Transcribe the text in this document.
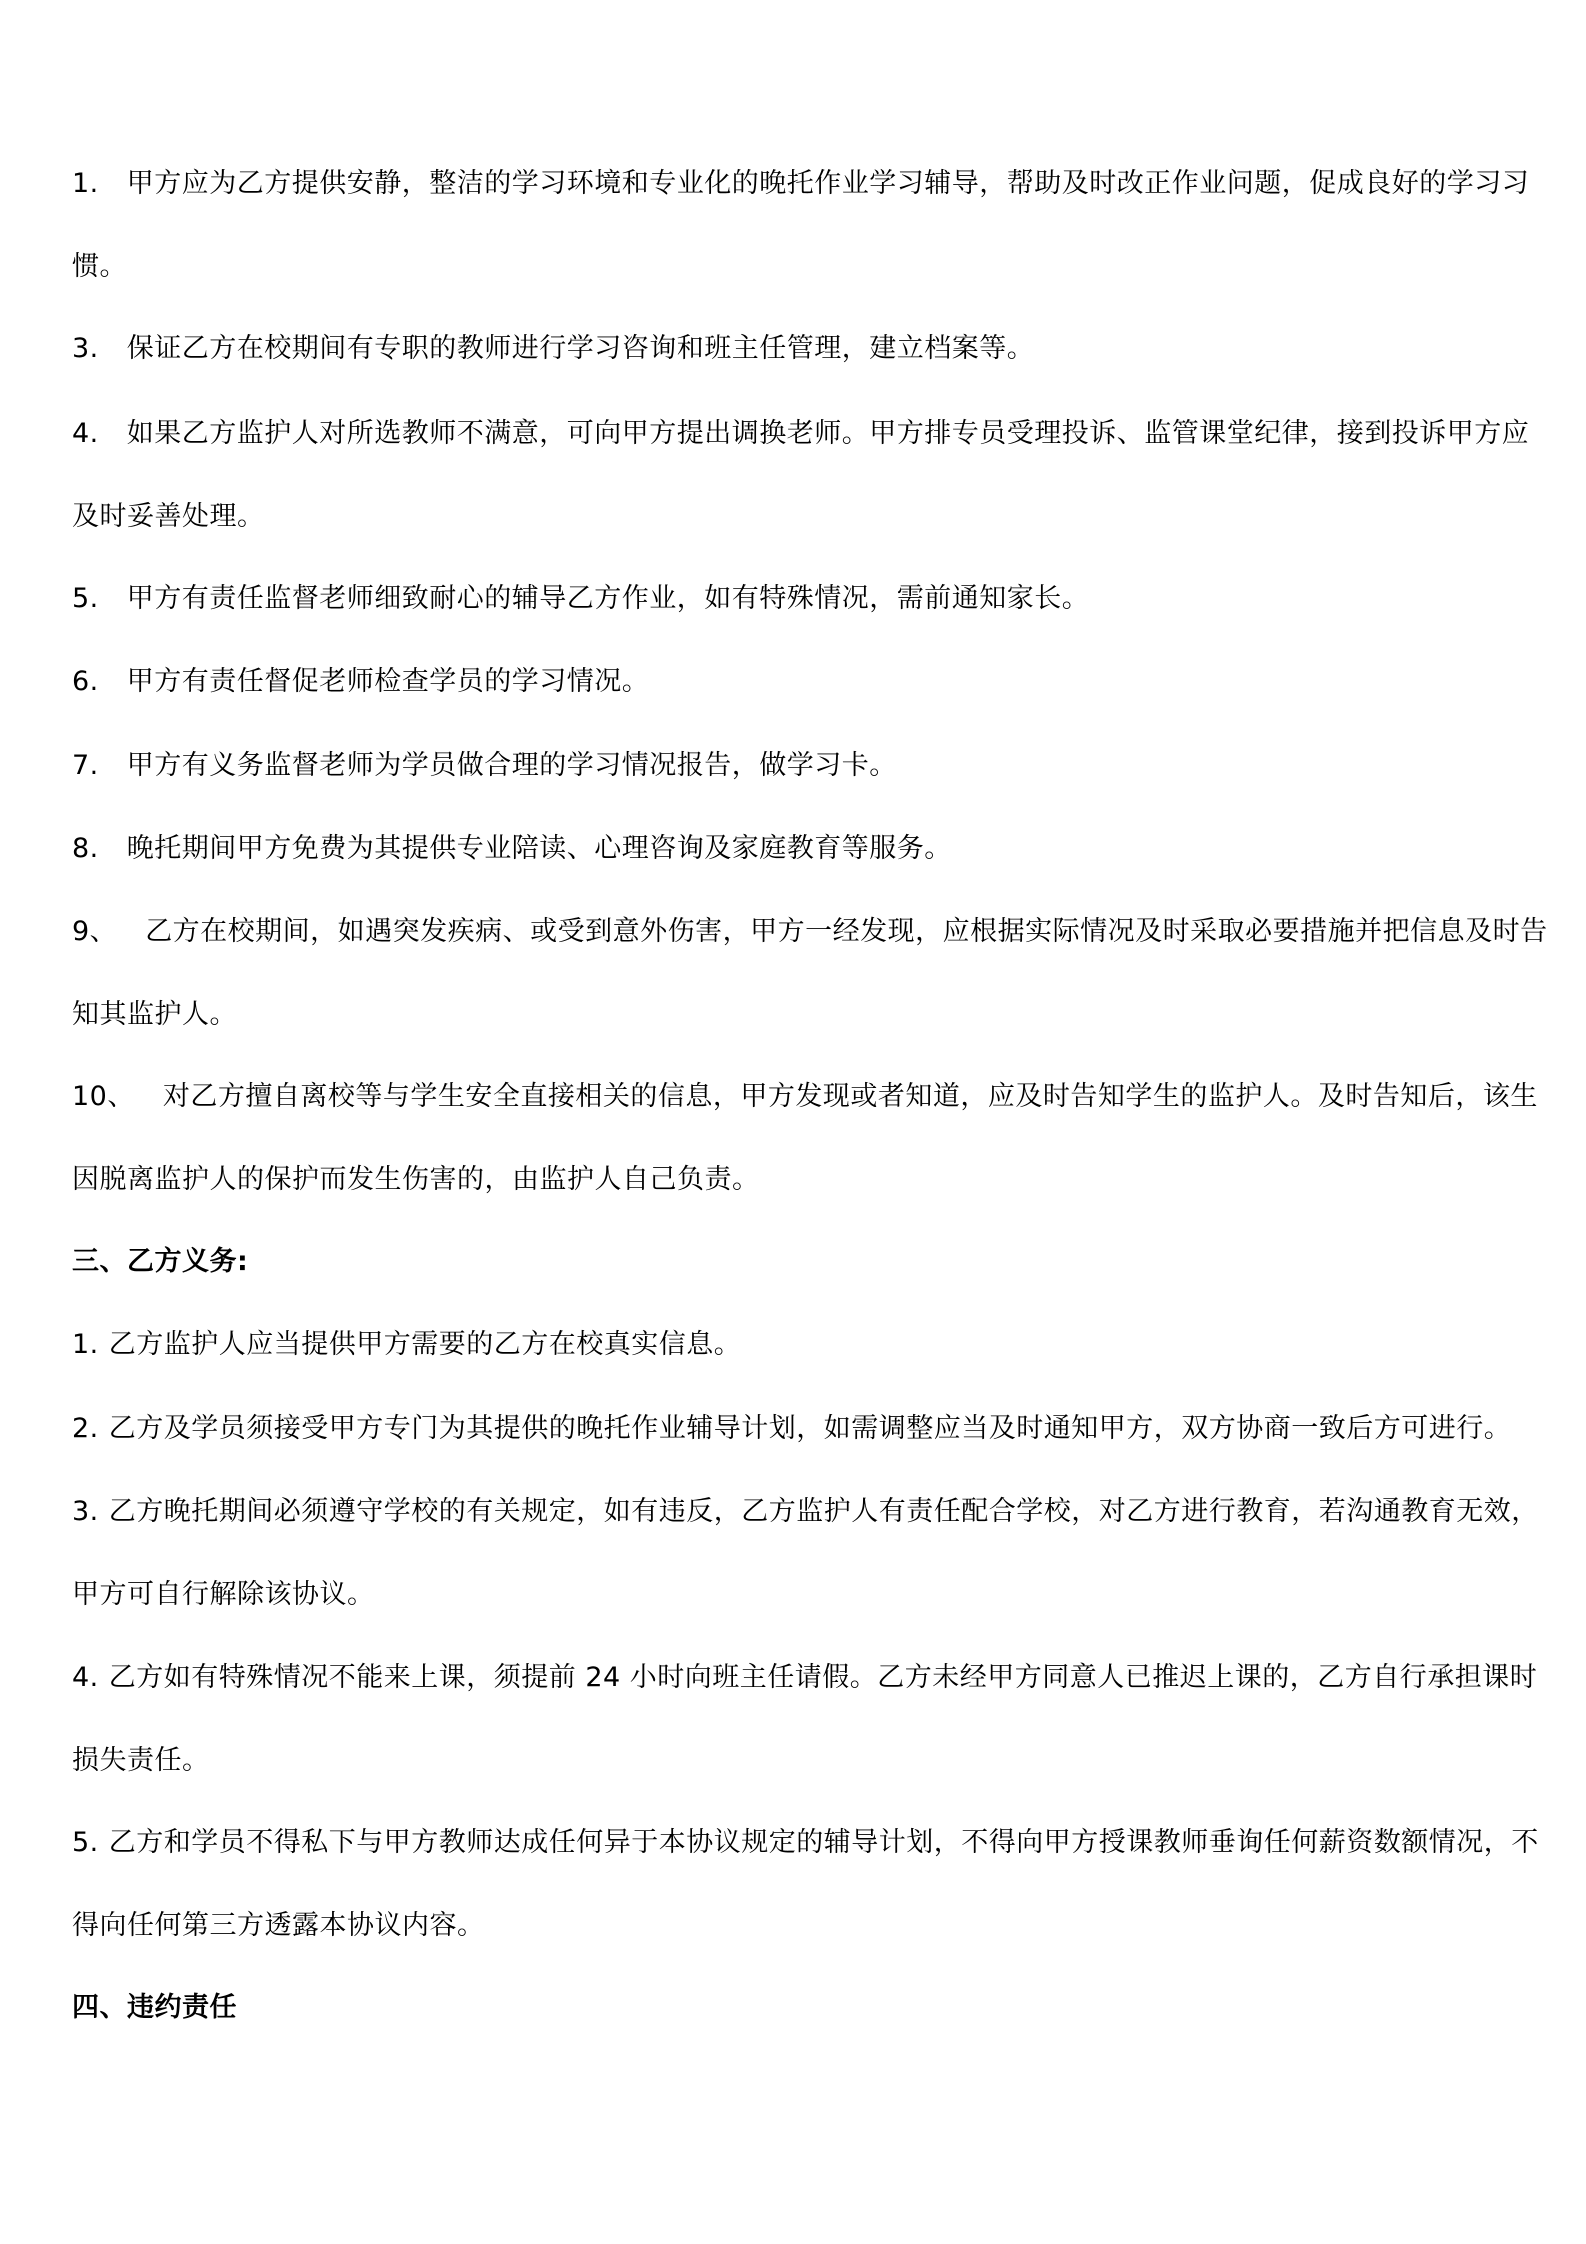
1. 甲方应为乙方提供安静，整洁的学习环境和专业化的晚托作业学习辅导，帮助及时改正作业问题，促成良好的学习习
惯。
3. 保证乙方在校期间有专职的教师进行学习咨询和班主任管理，建立档案等。
4. 如果乙方监护人对所选教师不满意，可向甲方提出调换老师。甲方排专员受理投诉、监管课堂纪律，接到投诉甲方应
及时妥善处理。
5. 甲方有责任监督老师细致耐心的辅导乙方作业，如有特殊情况，需前通知家长。
6. 甲方有责任督促老师检查学员的学习情况。
7. 甲方有义务监督老师为学员做合理的学习情况报告，做学习卡。
8. 晚托期间甲方免费为其提供专业陪读、心理咨询及家庭教育等服务。
9、 乙方在校期间，如遇突发疾病、或受到意外伤害，甲方一经发现，应根据实际情况及时采取必要措施并把信息及时告
知其监护人。
10、 对乙方擅自离校等与学生安全直接相关的信息，甲方发现或者知道，应及时告知学生的监护人。及时告知后，该生
因脱离监护人的保护而发生伤害的，由监护人自己负责。
三、乙方义务:
1. 乙方监护人应当提供甲方需要的乙方在校真实信息。
2. 乙方及学员须接受甲方专门为其提供的晚托作业辅导计划，如需调整应当及时通知甲方，双方协商一致后方可进行。
3. 乙方晚托期间必须遵守学校的有关规定，如有违反，乙方监护人有责任配合学校，对乙方进行教育，若沟通教育无效，
甲方可自行解除该协议。
4. 乙方如有特殊情况不能来上课，须提前 24 小时向班主任请假。乙方未经甲方同意人已推迟上课的，乙方自行承担课时
损失责任。
5. 乙方和学员不得私下与甲方教师达成任何异于本协议规定的辅导计划，不得向甲方授课教师垂询任何薪资数额情况，不
得向任何第三方透露本协议内容。
四、违约责任
